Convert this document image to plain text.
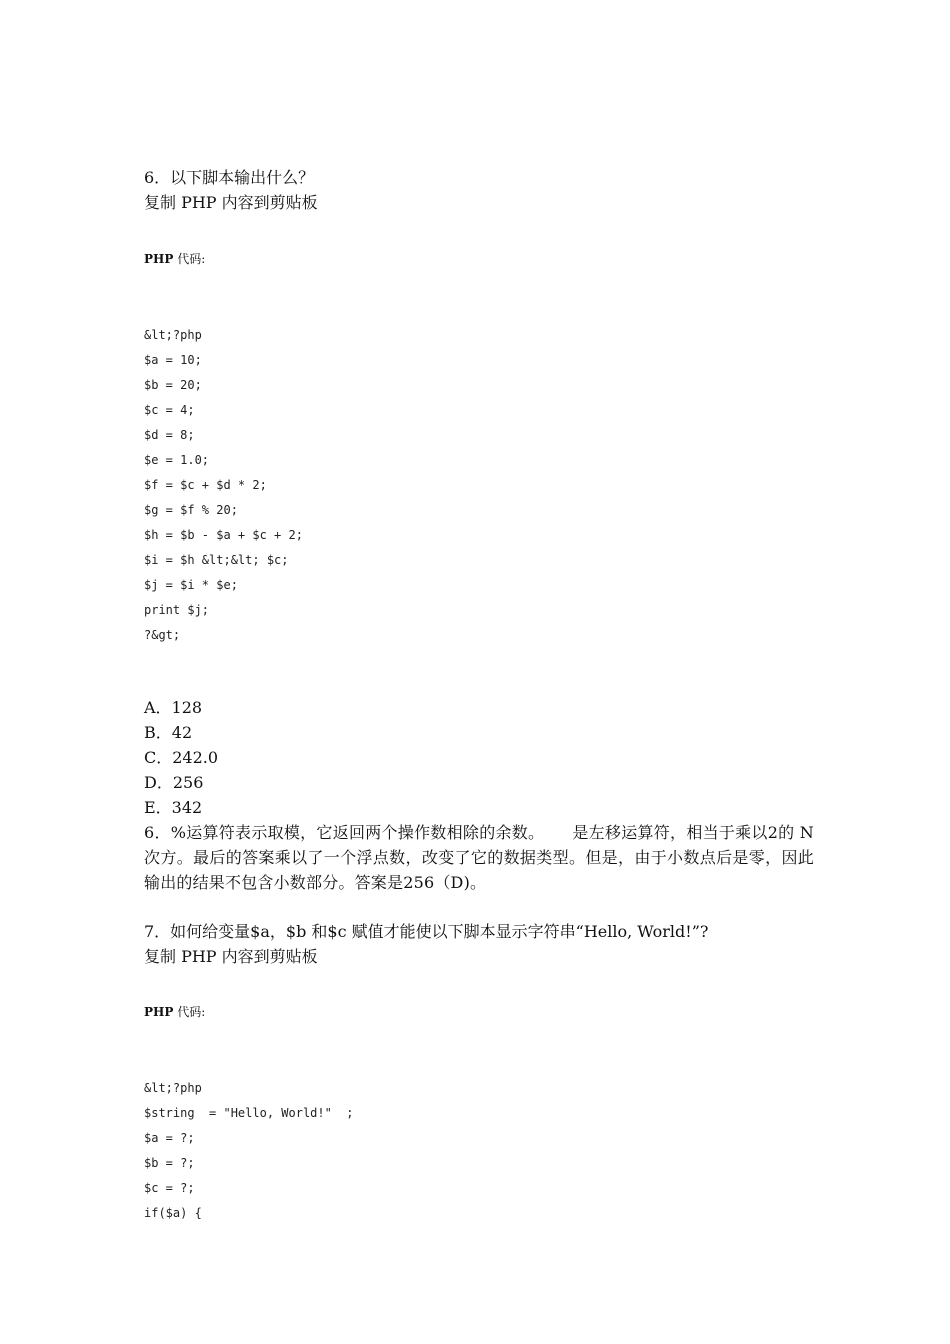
6．以下脚本输出什么？

复制 PHP 内容到剪贴板

PHP 代码:

&lt;?php
$a = 10;
$b = 20;
$c = 4;
$d = 8;
$e = 1.0;
$f = $c + $d * 2;
$g = $f % 20;
$h = $b - $a + $c + 2;
$i = $h &lt;&lt; $c;
$j = $i * $e;
print $j;
?&gt;

A．128

B．42

C．242.0

D．256

E．342

6．%运算符表示取模，它返回两个操作数相除的余数。 是左移运算符，相当于乘以2的 N 次方。最后的答案乘以了一个浮点数，改变了它的数据类型。但是，由于小数点后是零，因此输出的结果不包含小数部分。答案是256（D)。

7．如何给变量$a，$b 和$c 赋值才能使以下脚本显示字符串“Hello, World!”?

复制 PHP 内容到剪贴板

PHP 代码:

&lt;?php
$string  = "Hello, World!"  ;
$a = ?;
$b = ?;
$c = ?;
if($a) {
